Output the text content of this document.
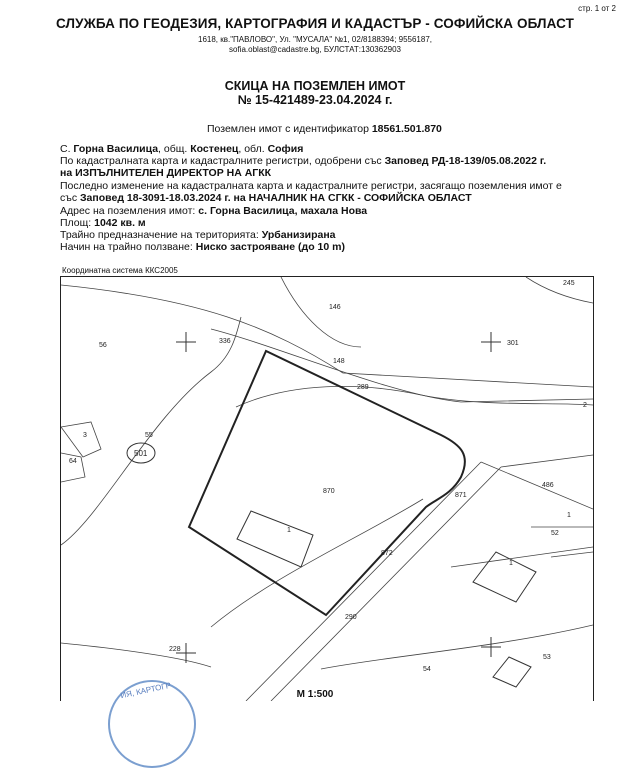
стр. 1 от 2
СЛУЖБА ПО ГЕОДЕЗИЯ, КАРТОГРАФИЯ И КАДАСТЪР - СОФИЙСКА ОБЛАСТ
1618, кв."ПАВЛОВО", Ул. "МУСАЛА" №1, 02/8188394; 9556187,
sofia.oblast@cadastre.bg, БУЛСТАТ:130362903
СКИЦА НА ПОЗЕМЛЕН ИМОТ
№ 15-421489-23.04.2024 г.
Поземлен имот с идентификатор 18561.501.870
С. Горна Василица, общ. Костенец, обл. София
По кадастралната карта и кадастралните регистри, одобрени със Заповед РД-18-139/05.08.2022 г.
на ИЗПЪЛНИТЕЛЕН ДИРЕКТОР НА АГКК
Последно изменение на кадастралната карта и кадастралните регистри, засягащо поземления имот е
със Заповед 18-3091-18.03.2024 г. на НАЧАЛНИК НА СГКК - СОФИЙСКА ОБЛАСТ
Адрес на поземления имот: с. Горна Василица, махала Нова
Площ: 1042 кв. м
Трайно предназначение на територията: Урбанизирана
Начин на трайно ползване: Ниско застрояване (до 10 m)
Координатна система ККС2005
56
336
146
148
301
289
2
3	55
64
501
870
1
871
486
1
52
872
290
1
228
54
53
245
М 1:500
ИЯ, КАРТОГР
